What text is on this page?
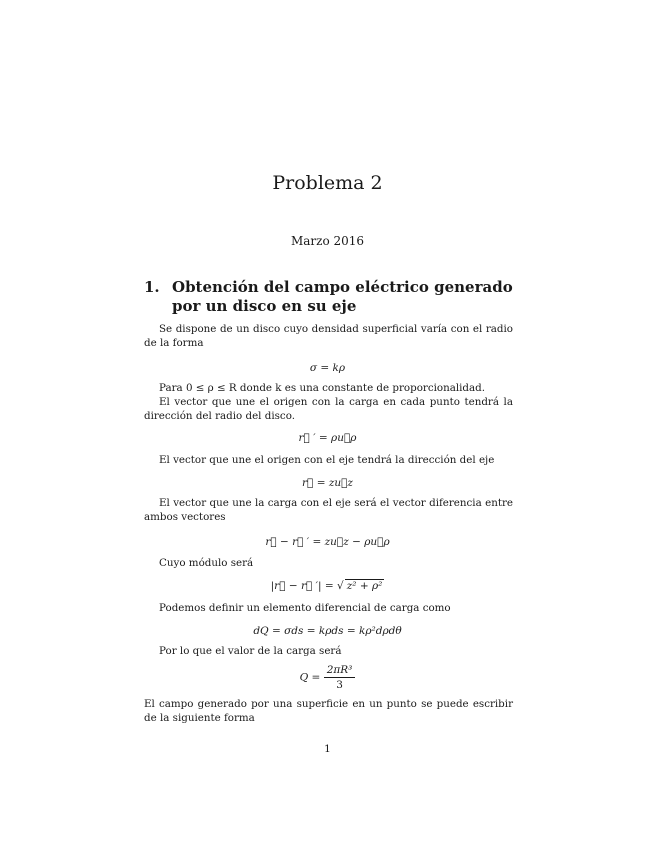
Problema 2
Marzo 2016
1. Obtención del campo eléctrico generado por un disco en su eje
Se dispone de un disco cuyo densidad superficial varía con el radio de la forma
σ = kρ
Para 0 ≤ ρ ≤ R donde k es una constante de proporcionalidad.
El vector que une el origen con la carga en cada punto tendrá la dirección del radio del disco.
r⃗ ′ = ρu⃗ρ
El vector que une el origen con el eje tendrá la dirección del eje
r⃗ = zu⃗z
El vector que une la carga con el eje será el vector diferencia entre ambos vectores
r⃗ − r⃗ ′ = zu⃗z − ρu⃗ρ
Cuyo módulo será
|r⃗ − r⃗ ′| = √ z² + ρ²
Podemos definir un elemento diferencial de carga como
dQ = σds = kρds = kρ²dρdθ
Por lo que el valor de la carga será
$Q = \frac{\text{2πR³}}{3}$
El campo generado por una superficie en un punto se puede escribir de la siguiente forma
1
